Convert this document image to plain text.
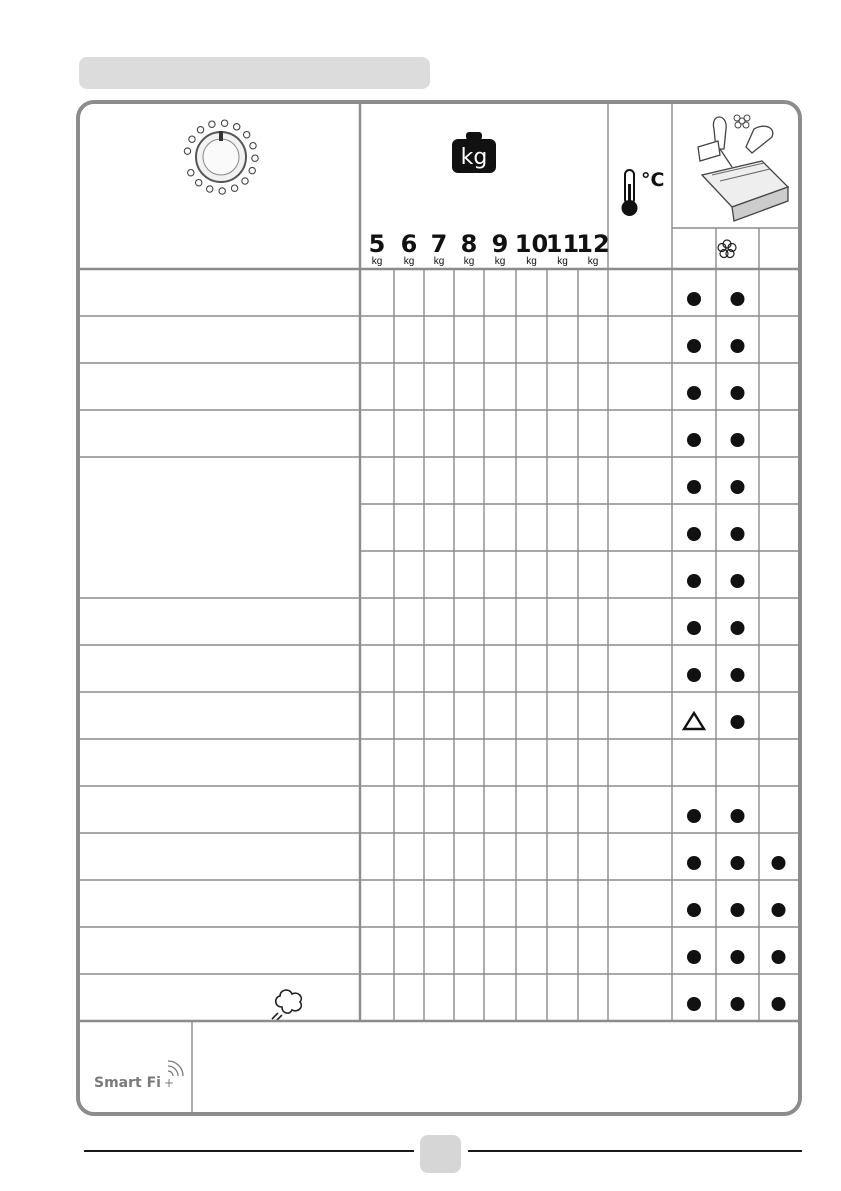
kg
°C
Smart Fi +
5
kg
6
kg
7
kg
8
kg
9
kg
10
kg
11
kg
12
kg
